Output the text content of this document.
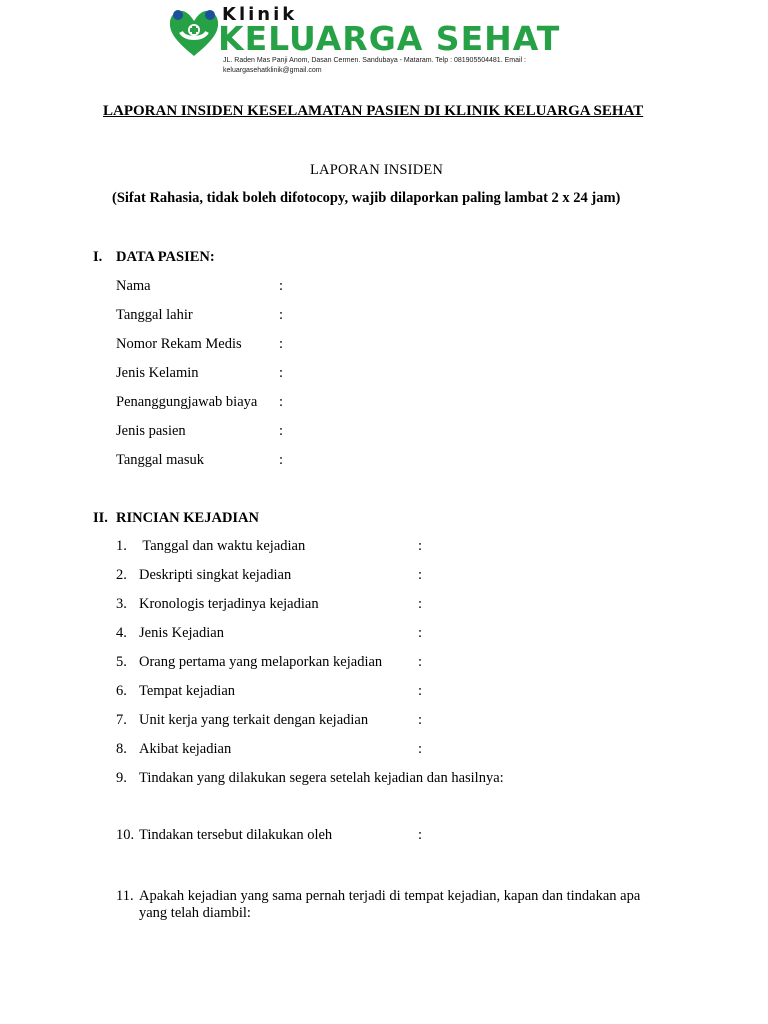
Klinik
KELUARGA SEHAT
JL. Raden Mas Panji Anom, Dasan Cermen. Sandubaya - Mataram. Telp : 081905504481. Email :
keluargasehatklinik@gmail.com
LAPORAN INSIDEN KESELAMATAN PASIEN DI KLINIK KELUARGA SEHAT
LAPORAN INSIDEN
(Sifat Rahasia, tidak boleh difotocopy, wajib dilaporkan paling lambat 2 x 24 jam)
I. DATA PASIEN:
Nama	:
Tanggal lahir	:
Nomor Rekam Medis	:
Jenis Kelamin	:
Penanggungjawab biaya :
Jenis pasien	:
Tanggal masuk	:
II. RINCIAN KEJADIAN
1. Tanggal dan waktu kejadian	:
2. Deskripti singkat kejadian	:
3. Kronologis terjadinya kejadian	:
4. Jenis Kejadian	:
5. Orang pertama yang melaporkan kejadian :
6. Tempat kejadian	:
7. Unit kerja yang terkait dengan kejadian	:
8. Akibat kejadian	:
9. Tindakan yang dilakukan segera setelah kejadian dan hasilnya:
10. Tindakan tersebut dilakukan oleh	:
11. Apakah kejadian yang sama pernah terjadi di tempat kejadian, kapan dan tindakan apa
yang telah diambil:
